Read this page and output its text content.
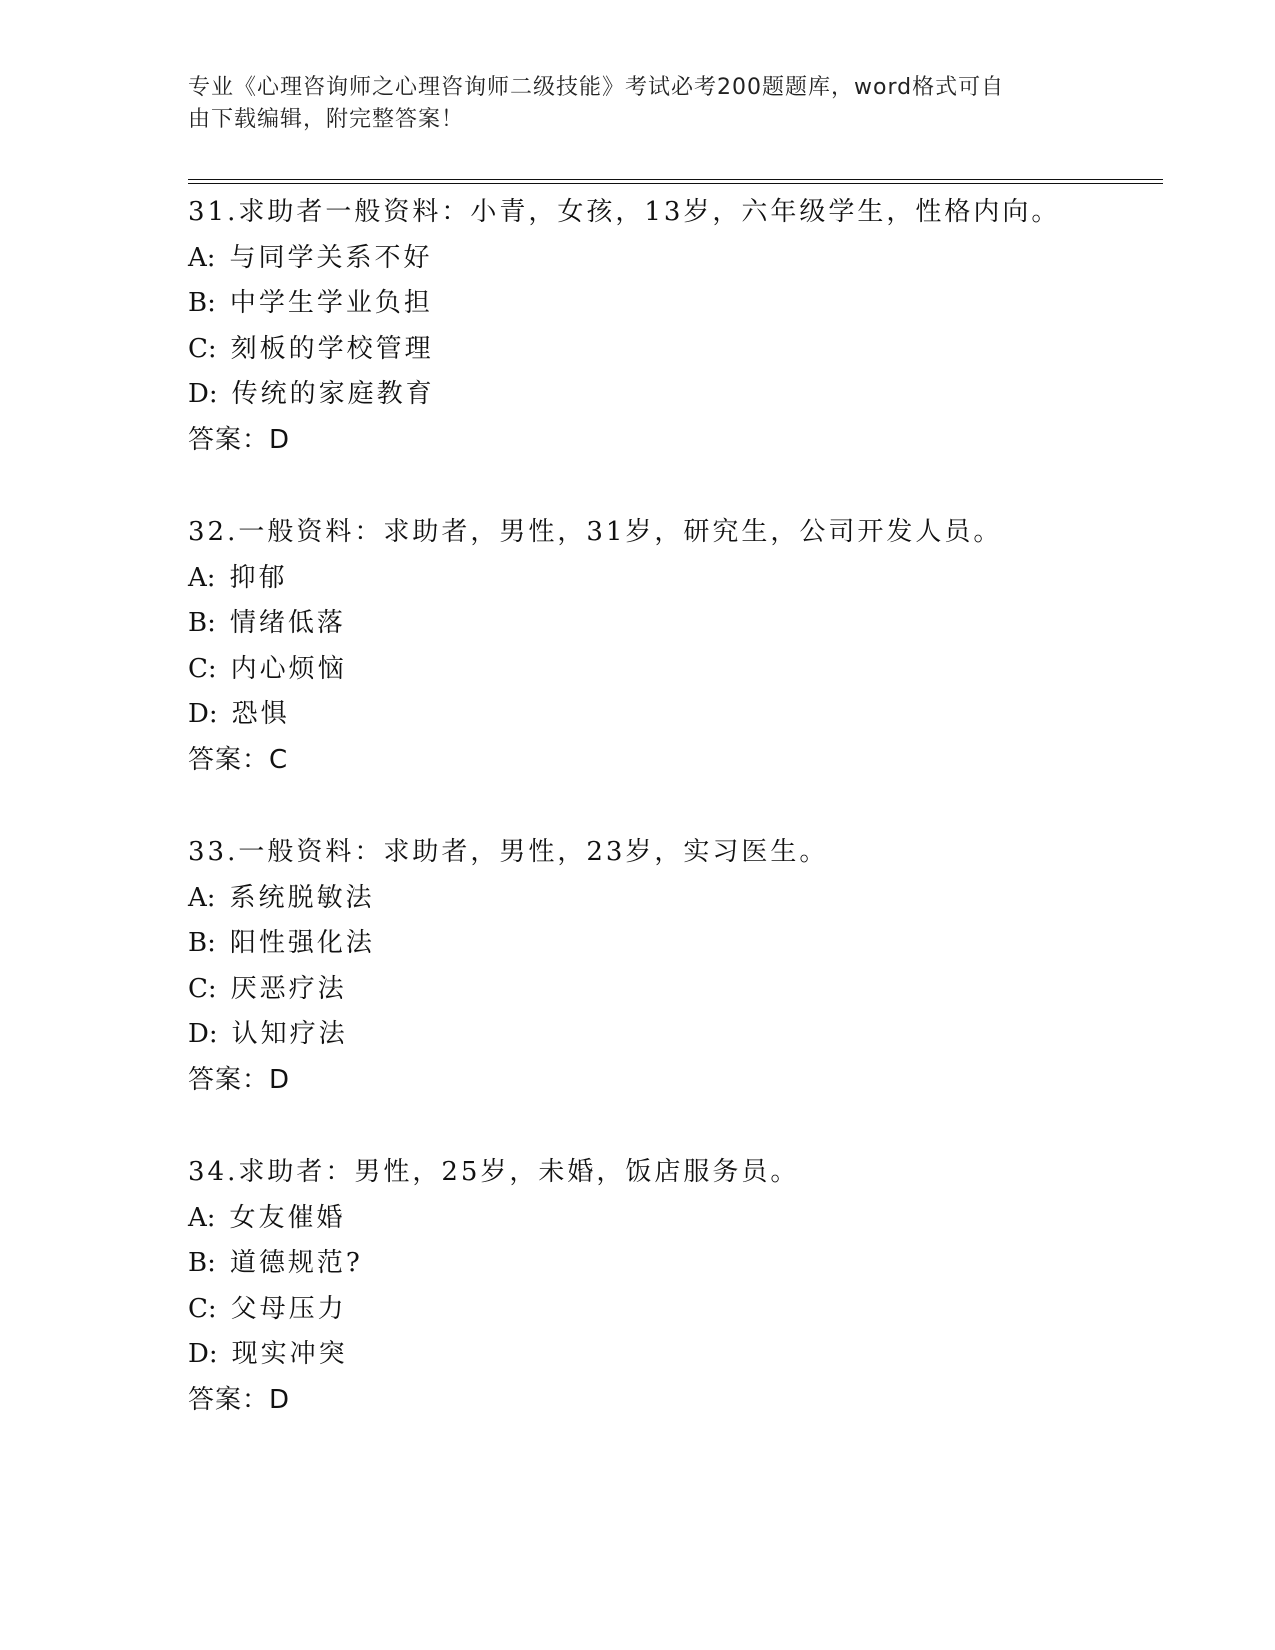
专业《心理咨询师之心理咨询师二级技能》考试必考200题题库，word格式可自
由下载编辑，附完整答案！
31.求助者一般资料：小青，女孩，13岁，六年级学生，性格内向。
A: 与同学关系不好
B: 中学生学业负担
C: 刻板的学校管理
D: 传统的家庭教育
答案：D
32.一般资料：求助者，男性，31岁，研究生，公司开发人员。
A: 抑郁
B: 情绪低落
C: 内心烦恼
D: 恐惧
答案：C
33.一般资料：求助者，男性，23岁，实习医生。
A: 系统脱敏法
B: 阳性强化法
C: 厌恶疗法
D: 认知疗法
答案：D
34.求助者：男性，25岁，未婚，饭店服务员。
A: 女友催婚
B: 道德规范?
C: 父母压力
D: 现实冲突
答案：D
